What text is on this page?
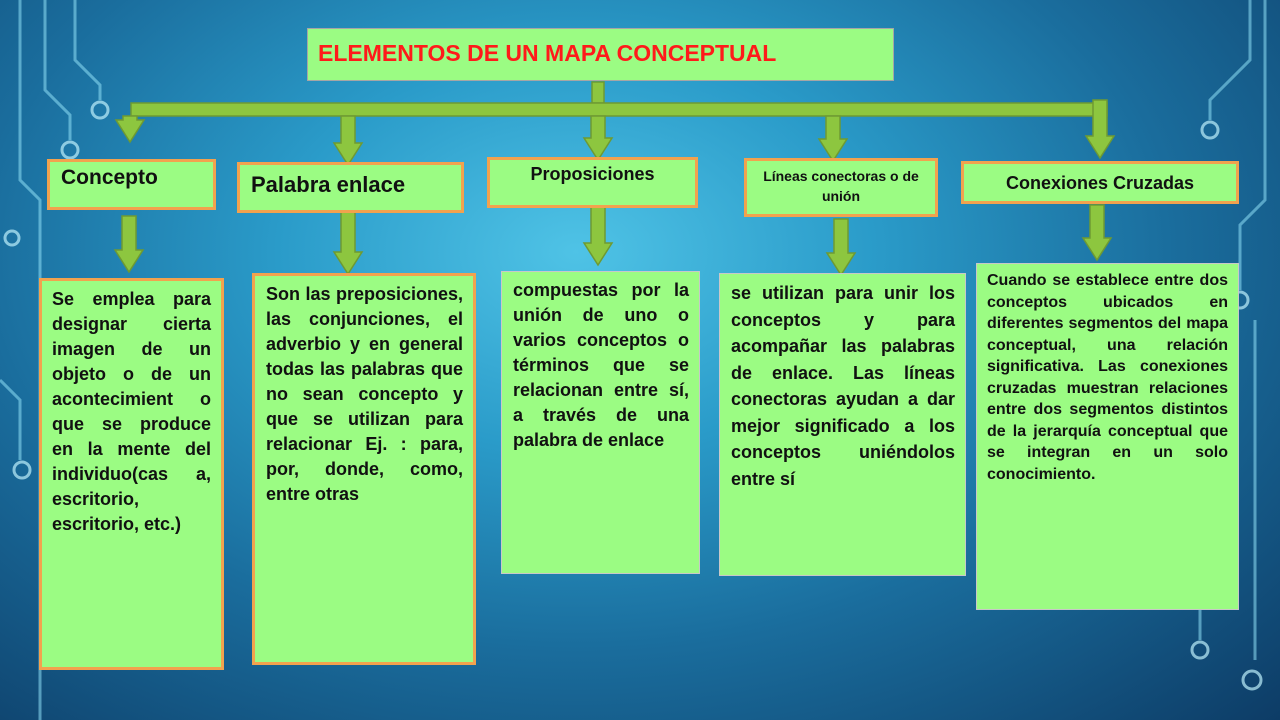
ELEMENTOS DE UN MAPA CONCEPTUAL
Concepto	Palabra enlace	Proposiciones	Líneas conectoras o de unión
Conexiones Cruzadas
Se emplea para designar cierta imagen de un objeto o de un acontecimient o que se produce en la mente del individuo(cas a, escritorio, escritorio, etc.)
Son las preposiciones, las conjunciones, el adverbio y en general todas las palabras que no sean concepto y que se utilizan para relacionar Ej. : para, por, donde, como, entre otras
compuestas por la unión de uno o varios conceptos o términos que se relacionan entre sí, a través de una palabra de enlace
se utilizan para unir los conceptos y para acompañar las palabras de enlace. Las líneas conectoras ayudan a dar mejor significado a los conceptos uniéndolos entre sí
Cuando se establece entre dos conceptos ubicados en diferentes segmentos del mapa conceptual, una relación significativa. Las conexiones cruzadas muestran relaciones entre dos segmentos distintos de la jerarquía conceptual que se integran en un solo conocimiento.
